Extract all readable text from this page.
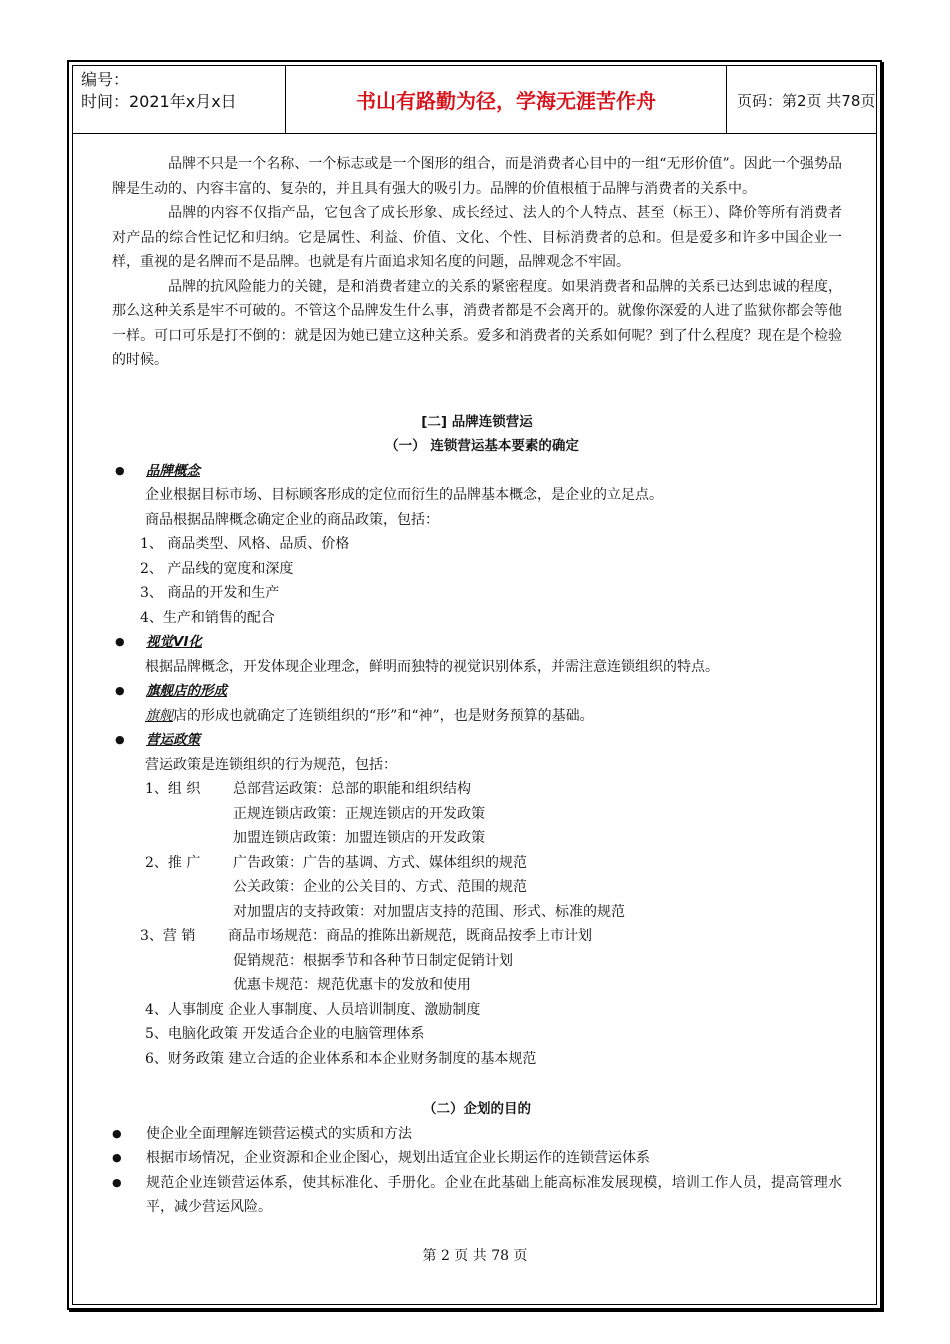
编号：
时间：2021年x月x日	书山有路勤为径，学海无涯苦作舟	页码：第2页 共78页

品牌不只是一个名称、一个标志或是一个图形的组合，而是消费者心目中的一组“无形价值”。因此一个强势品牌是生动的、内容丰富的、复杂的，并且具有强大的吸引力。品牌的价值根植于品牌与消费者的关系中。

品牌的内容不仅指产品，它包含了成长形象、成长经过、法人的个人特点、甚至（标王）、降价等所有消费者对产品的综合性记忆和归纳。它是属性、利益、价值、文化、个性、目标消费者的总和。但是爱多和许多中国企业一样，重视的是名牌而不是品牌。也就是有片面追求知名度的问题，品牌观念不牢固。

品牌的抗风险能力的关键，是和消费者建立的关系的紧密程度。如果消费者和品牌的关系已达到忠诚的程度，那么这种关系是牢不可破的。不管这个品牌发生什么事，消费者都是不会离开的。就像你深爱的人进了监狱你都会等他一样。可口可乐是打不倒的：就是因为她已建立这种关系。爱多和消费者的关系如何呢？到了什么程度？现在是个检验的时候。

[二] 品牌连锁营运
（一） 连锁营运基本要素的确定
● 品牌概念
企业根据目标市场、目标顾客形成的定位而衍生的品牌基本概念，是企业的立足点。
商品根据品牌概念确定企业的商品政策，包括：
1、 商品类型、风格、品质、价格
2、 产品线的宽度和深度
3、 商品的开发和生产
4、生产和销售的配合
● 视觉VI化
根据品牌概念，开发体现企业理念，鲜明而独特的视觉识别体系，并需注意连锁组织的特点。
● 旗舰店的形成
旗舰店的形成也就确定了连锁组织的“形”和“神”，也是财务预算的基础。
● 营运政策
营运政策是连锁组织的行为规范，包括：
1、组 织	总部营运政策：总部的职能和组织结构
正规连锁店政策：正规连锁店的开发政策
加盟连锁店政策：加盟连锁店的开发政策
2、推 广	广告政策：广告的基调、方式、媒体组织的规范
公关政策：企业的公关目的、方式、范围的规范
对加盟店的支持政策：对加盟店支持的范围、形式、标准的规范
3、营 销	商品市场规范：商品的推陈出新规范，既商品按季上市计划
促销规范：根据季节和各种节日制定促销计划
优惠卡规范：规范优惠卡的发放和使用
4、人事制度 企业人事制度、人员培训制度、激励制度
5、电脑化政策 开发适合企业的电脑管理体系
6、财务政策 建立合适的企业体系和本企业财务制度的基本规范
（二）企划的目的
● 使企业全面理解连锁营运模式的实质和方法
● 根据市场情况，企业资源和企业企图心，规划出适宜企业长期运作的连锁营运体系
● 规范企业连锁营运体系，使其标准化、手册化。企业在此基础上能高标准发展现模，培训工作人员，提高管理水平，减少营运风险。
第 2 页 共 78 页
